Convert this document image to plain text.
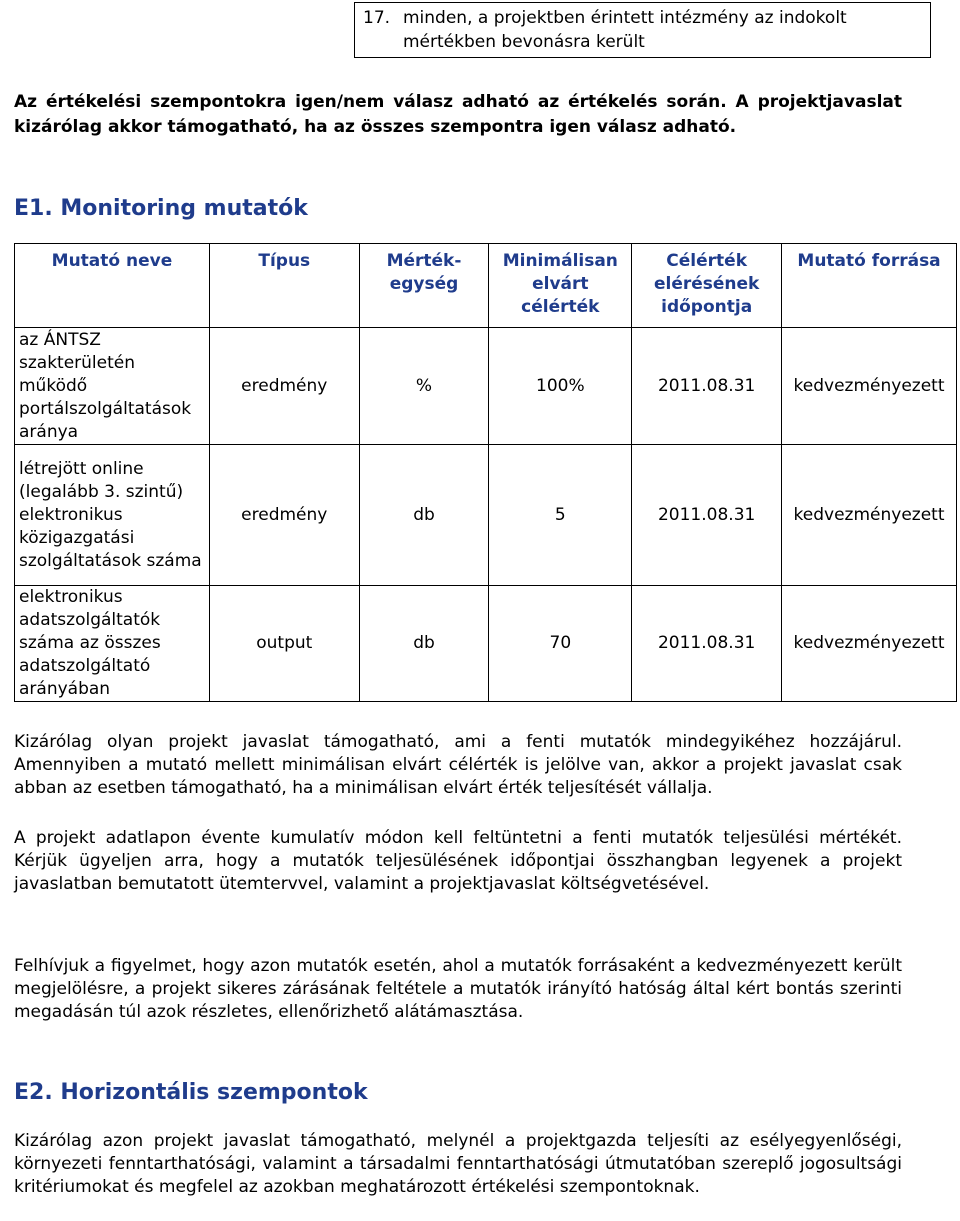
17. minden, a projektben érintett intézmény az indokolt
mértékben bevonásra került
Az értékelési szempontokra igen/nem válasz adható az értékelés során. A projektjavaslat kizárólag akkor támogatható, ha az összes szempontra igen válasz adható.
E1. Monitoring mutatók
Mutató neve	Típus	Mérték-egység	Minimálisan elvárt célérték	Célérték elérésének időpontja	Mutató forrása
az ÁNTSZ szakterületén működő portálszolgáltatások aránya	eredmény	%	100%	2011.08.31	kedvezményezett
létrejött online (legalább 3. szintű) elektronikus közigazgatási szolgáltatások száma	eredmény	db	5	2011.08.31	kedvezményezett
elektronikus adatszolgáltatók száma az összes adatszolgáltató arányában	output	db	70	2011.08.31	kedvezményezett
Kizárólag olyan projekt javaslat támogatható, ami a fenti mutatók mindegyikéhez hozzájárul. Amennyiben a mutató mellett minimálisan elvárt célérték is jelölve van, akkor a projekt javaslat csak abban az esetben támogatható, ha a minimálisan elvárt érték teljesítését vállalja.
A projekt adatlapon évente kumulatív módon kell feltüntetni a fenti mutatók teljesülési mértékét. Kérjük ügyeljen arra, hogy a mutatók teljesülésének időpontjai összhangban legyenek a projekt javaslatban bemutatott ütemtervvel, valamint a projektjavaslat költségvetésével.
Felhívjuk a figyelmet, hogy azon mutatók esetén, ahol a mutatók forrásaként a kedvezményezett került megjelölésre, a projekt sikeres zárásának feltétele a mutatók irányító hatóság által kért bontás szerinti megadásán túl azok részletes, ellenőrizhető alátámasztása.
E2. Horizontális szempontok
Kizárólag azon projekt javaslat támogatható, melynél a projektgazda teljesíti az esélyegyenlőségi, környezeti fenntarthatósági, valamint a társadalmi fenntarthatósági útmutatóban szereplő jogosultsági kritériumokat és megfelel az azokban meghatározott értékelési szempontoknak.
